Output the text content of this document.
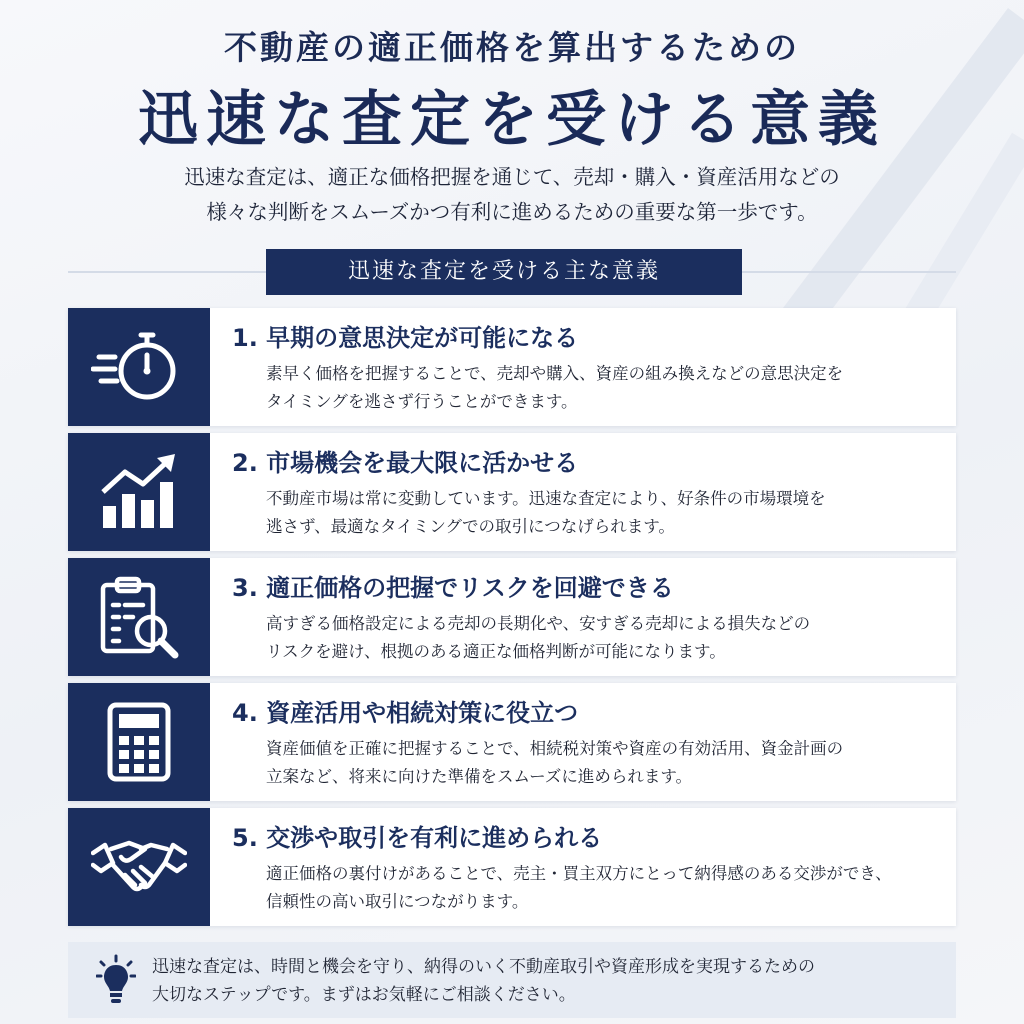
不動産の適正価格を算出するための
迅速な査定を受ける意義
迅速な査定は、適正な価格把握を通じて、売却・購入・資産活用などの
様々な判断をスムーズかつ有利に進めるための重要な第一歩です。
迅速な査定を受ける主な意義
1. 早期の意思決定が可能になる
素早く価格を把握することで、売却や購入、資産の組み換えなどの意思決定を
タイミングを逃さず行うことができます。
2. 市場機会を最大限に活かせる
不動産市場は常に変動しています。迅速な査定により、好条件の市場環境を
逃さず、最適なタイミングでの取引につなげられます。
3. 適正価格の把握でリスクを回避できる
高すぎる価格設定による売却の長期化や、安すぎる売却による損失などの
リスクを避け、根拠のある適正な価格判断が可能になります。
4. 資産活用や相続対策に役立つ
資産価値を正確に把握することで、相続税対策や資産の有効活用、資金計画の
立案など、将来に向けた準備をスムーズに進められます。
5. 交渉や取引を有利に進められる
適正価格の裏付けがあることで、売主・買主双方にとって納得感のある交渉ができ、
信頼性の高い取引につながります。
迅速な査定は、時間と機会を守り、納得のいく不動産取引や資産形成を実現するための
大切なステップです。まずはお気軽にご相談ください。
